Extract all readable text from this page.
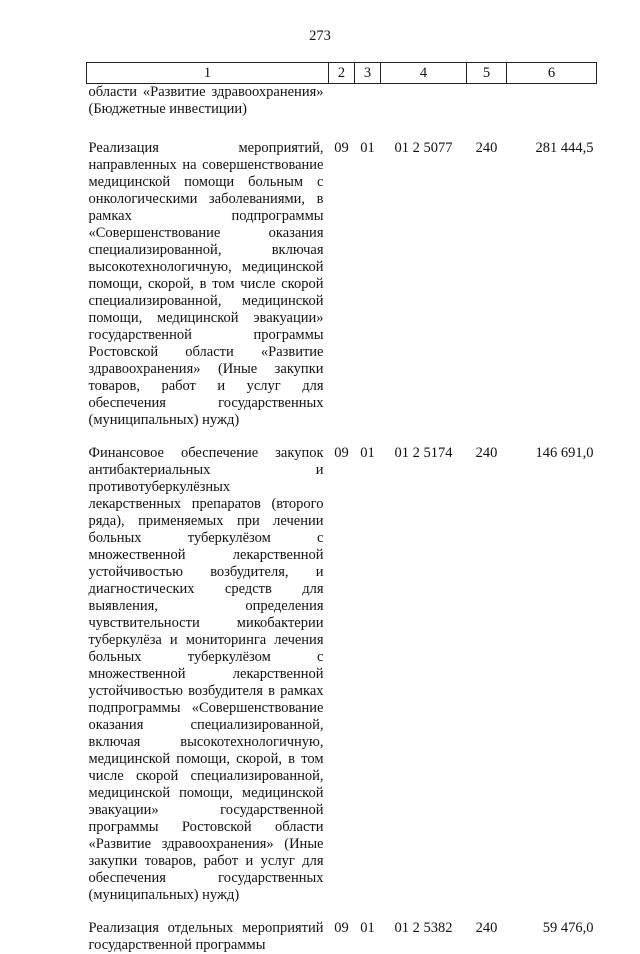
273
1	2	3	4	5	6
области «Развитие здравоохранения» (Бюджетные инвестиции)					
Реализация мероприятий, направленных на совершенствование медицинской помощи больным с онкологическими заболеваниями, в рамках подпрограммы «Совершенствование оказания специализированной, включая высокотехнологичную, медицинской помощи, скорой, в том числе скорой специализированной, медицинской помощи, медицинской эвакуации» государственной программы Ростовской области «Развитие здравоохранения» (Иные закупки товаров, работ и услуг для обеспечения государственных (муниципальных) нужд)	09	01	01 2 5077	240	281 444,5
Финансовое обеспечение закупок антибактериальных и противотуберкулёзных лекарственных препаратов (второго ряда), применяемых при лечении больных туберкулёзом с множественной лекарственной устойчивостью возбудителя, и диагностических средств для выявления, определения чувствительности микобактерии туберкулёза и мониторинга лечения больных туберкулёзом с множественной лекарственной устойчивостью возбудителя в рамках подпрограммы «Совершенствование оказания специализированной, включая высокотехнологичную, медицинской помощи, скорой, в том числе скорой специализированной, медицинской помощи, медицинской эвакуации» государственной программы Ростовской области «Развитие здравоохранения» (Иные закупки товаров, работ и услуг для обеспечения государственных (муниципальных) нужд)	09	01	01 2 5174	240	146 691,0
Реализация отдельных мероприятий государственной программы	09	01	01 2 5382	240	59 476,0
